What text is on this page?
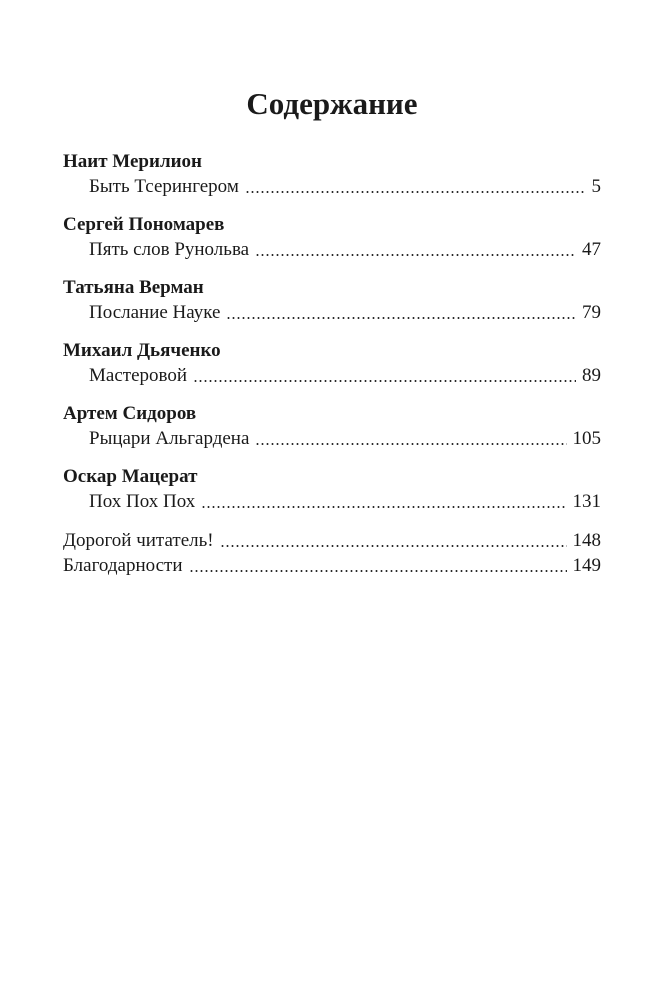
Содержание
Наит Мерилион
Быть Тсерингером	5
Сергей Пономарев
Пять слов Рунольва	47
Татьяна Верман
Послание Науке	79
Михаил Дьяченко
Мастеровой	89
Артем Сидоров
Рыцари Альгардена	105
Оскар Мацерат
Пох Пох Пох	131
Дорогой читатель!	148
Благодарности	149
